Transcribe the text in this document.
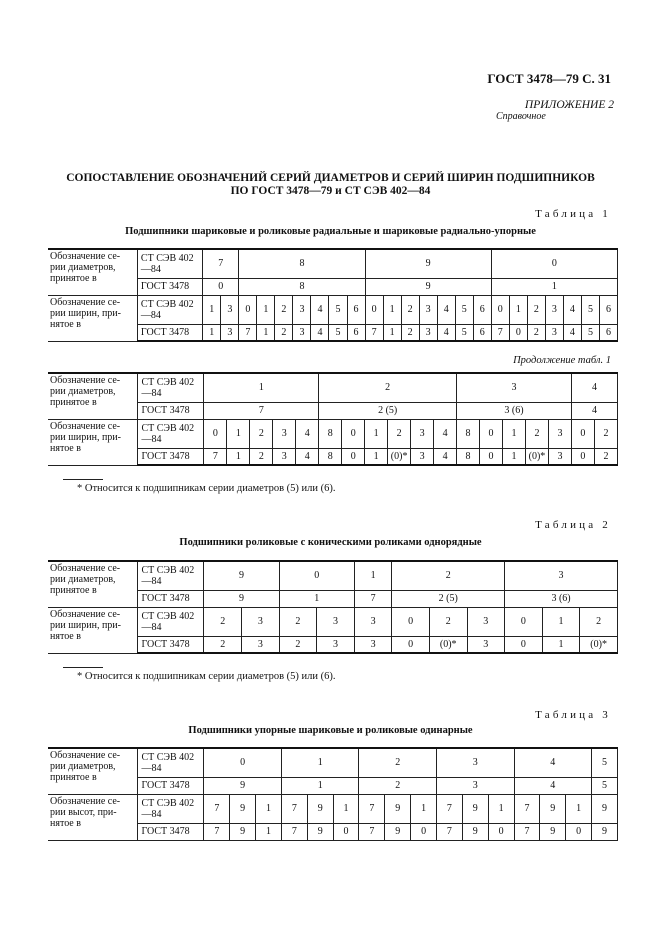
ГОСТ 3478—79 С. 31
ПРИЛОЖЕНИЕ 2
Справочное
СОПОСТАВЛЕНИЕ ОБОЗНАЧЕНИЙ СЕРИЙ ДИАМЕТРОВ И СЕРИЙ ШИРИН ПОДШИПНИКОВ
ПО ГОСТ 3478—79 и СТ СЭВ 402—84
Таблица 1
Подшипники шариковые и роликовые радиальные и шариковые радиально-упорные
Обозначение се- рии диаметров, принятое в	СТ СЭВ 402—84	7		8							9							0						
	ГОСТ 3478	0		8							9							1						
Обозначение се- рии ширин, при- нятое в	СТ СЭВ 402—84	1	3	0	1	2	3	4	5	6	0	1	2	3	4	5	6	0	1	2	3	4	5	6
	ГОСТ 3478	1	3	7	1	2	3	4	5	6	7	1	2	3	4	5	6	7	0	2	3	4	5	6
Продолжение табл. 1
Обозначение се- рии диаметров, принятое в	СТ СЭВ 402—84	1					2						3					4	
	ГОСТ 3478	7					2 (5)						3 (6)					4	
Обозначение се- рии ширин, при- нятое в	СТ СЭВ 402—84	0	1	2	3	4	8	0	1	2	3	4	8	0	1	2	3	0	2
	ГОСТ 3478	7	1	2	3	4	8	0	1	(0)*	3	4	8	0	1	(0)*	3	0	2
* Относится к подшипникам серии диаметров (5) или (6).
Таблица 2
Подшипники роликовые с коническими роликами однорядные
Обозначение се- рии диаметров, принятое в	СТ СЭВ 402—84	9		0		1	2			3		
	ГОСТ 3478	9		1		7	2 (5)			3 (6)		
Обозначение се- рии ширин, при- нятое в	СТ СЭВ 402—84	2	3	2	3	3	0	2	3	0	1	2
	ГОСТ 3478	2	3	2	3	3	0	(0)*	3	0	1	(0)*
* Относится к подшипникам серии диаметров (5) или (6).
Таблица 3
Подшипники упорные шариковые и роликовые одинарные
Обозначение се- рии диаметров, принятое в	СТ СЭВ 402—84	0			1			2			3			4			5
	ГОСТ 3478	9			1			2			3			4			5
Обозначение се- рии высот, при- нятое в	СТ СЭВ 402—84	7	9	1	7	9	1	7	9	1	7	9	1	7	9	1	9
	ГОСТ 3478	7	9	1	7	9	0	7	9	0	7	9	0	7	9	0	9
